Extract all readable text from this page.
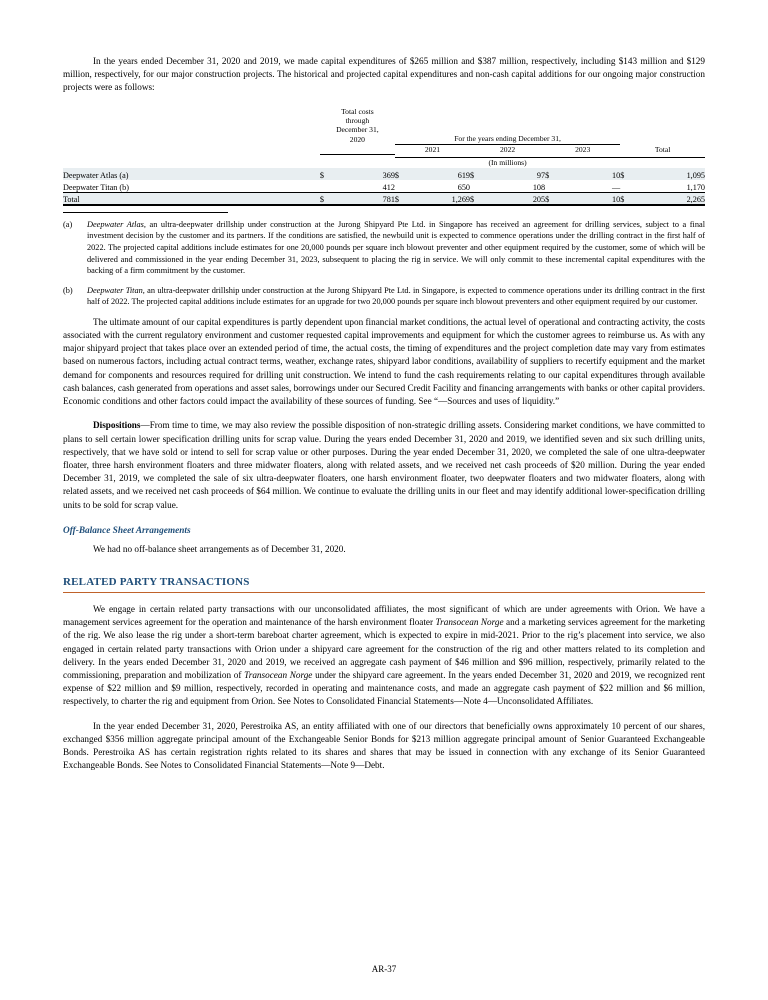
In the years ended December 31, 2020 and 2019, we made capital expenditures of $265 million and $387 million, respectively, including $143 million and $129 million, respectively, for our major construction projects. The historical and projected capital expenditures and non-cash capital additions for our ongoing major construction projects were as follows:

	Total costs
through
December 31,
2020		For the years ending December 31,							
			2021		2022		2023		Total	

					(In millions)					
Deepwater Atlas (a)	$	369	$	619	$	97	$	10	$	1,095
Deepwater Titan (b)		412		650		108		—		1,170
Total	$	781	$	1,269	$	205	$	10	$	2,265
(a)	Deepwater Atlas, an ultra-deepwater drillship under construction at the Jurong Shipyard Pte Ltd. in Singapore has received an agreement for drilling services, subject to a final investment decision by the customer and its partners. If the conditions are satisfied, the newbuild unit is expected to commence operations under the drilling contract in the first half of 2022. The projected capital additions include estimates for one 20,000 pounds per square inch blowout preventer and other equipment required by the customer, some of which will be delivered and commissioned in the year ending December 31, 2023, subsequent to placing the rig in service. We will only commit to these incremental capital expenditures with the backing of a firm commitment by the customer.
(b)	Deepwater Titan, an ultra-deepwater drillship under construction at the Jurong Shipyard Pte Ltd. in Singapore, is expected to commence operations under its drilling contract in the first half of 2022. The projected capital additions include estimates for an upgrade for two 20,000 pounds per square inch blowout preventers and other equipment required by our customer.

The ultimate amount of our capital expenditures is partly dependent upon financial market conditions, the actual level of operational and contracting activity, the costs associated with the current regulatory environment and customer requested capital improvements and equipment for which the customer agrees to reimburse us. As with any major shipyard project that takes place over an extended period of time, the actual costs, the timing of expenditures and the project completion date may vary from estimates based on numerous factors, including actual contract terms, weather, exchange rates, shipyard labor conditions, availability of suppliers to recertify equipment and the market demand for components and resources required for drilling unit construction. We intend to fund the cash requirements relating to our capital expenditures through available cash balances, cash generated from operations and asset sales, borrowings under our Secured Credit Facility and financing arrangements with banks or other capital providers. Economic conditions and other factors could impact the availability of these sources of funding. See “—Sources and uses of liquidity.”

Dispositions—From time to time, we may also review the possible disposition of non-strategic drilling assets. Considering market conditions, we have committed to plans to sell certain lower specification drilling units for scrap value. During the years ended December 31, 2020 and 2019, we identified seven and six such drilling units, respectively, that we have sold or intend to sell for scrap value or other purposes. During the year ended December 31, 2020, we completed the sale of one ultra-deepwater floater, three harsh environment floaters and three midwater floaters, along with related assets, and we received net cash proceeds of $20 million. During the year ended December 31, 2019, we completed the sale of six ultra-deepwater floaters, one harsh environment floater, two deepwater floaters and two midwater floaters, along with related assets, and we received net cash proceeds of $64 million. We continue to evaluate the drilling units in our fleet and may identify additional lower-specification drilling units to be sold for scrap value.

Off-Balance Sheet Arrangements

We had no off-balance sheet arrangements as of December 31, 2020.

RELATED PARTY TRANSACTIONS

We engage in certain related party transactions with our unconsolidated affiliates, the most significant of which are under agreements with Orion. We have a management services agreement for the operation and maintenance of the harsh environment floater Transocean Norge and a marketing services agreement for the marketing of the rig. We also lease the rig under a short-term bareboat charter agreement, which is expected to expire in mid-2021. Prior to the rig’s placement into service, we also engaged in certain related party transactions with Orion under a shipyard care agreement for the construction of the rig and other matters related to its completion and delivery. In the years ended December 31, 2020 and 2019, we received an aggregate cash payment of $46 million and $96 million, respectively, primarily related to the commissioning, preparation and mobilization of Transocean Norge under the shipyard care agreement. In the years ended December 31, 2020 and 2019, we recognized rent expense of $22 million and $9 million, respectively, recorded in operating and maintenance costs, and made an aggregate cash payment of $22 million and $6 million, respectively, to charter the rig and equipment from Orion. See Notes to Consolidated Financial Statements—Note 4—Unconsolidated Affiliates.

In the year ended December 31, 2020, Perestroika AS, an entity affiliated with one of our directors that beneficially owns approximately 10 percent of our shares, exchanged $356 million aggregate principal amount of the Exchangeable Senior Bonds for $213 million aggregate principal amount of Senior Guaranteed Exchangeable Bonds. Perestroika AS has certain registration rights related to its shares and shares that may be issued in connection with any exchange of its Senior Guaranteed Exchangeable Bonds. See Notes to Consolidated Financial Statements—Note 9—Debt.

AR-37
